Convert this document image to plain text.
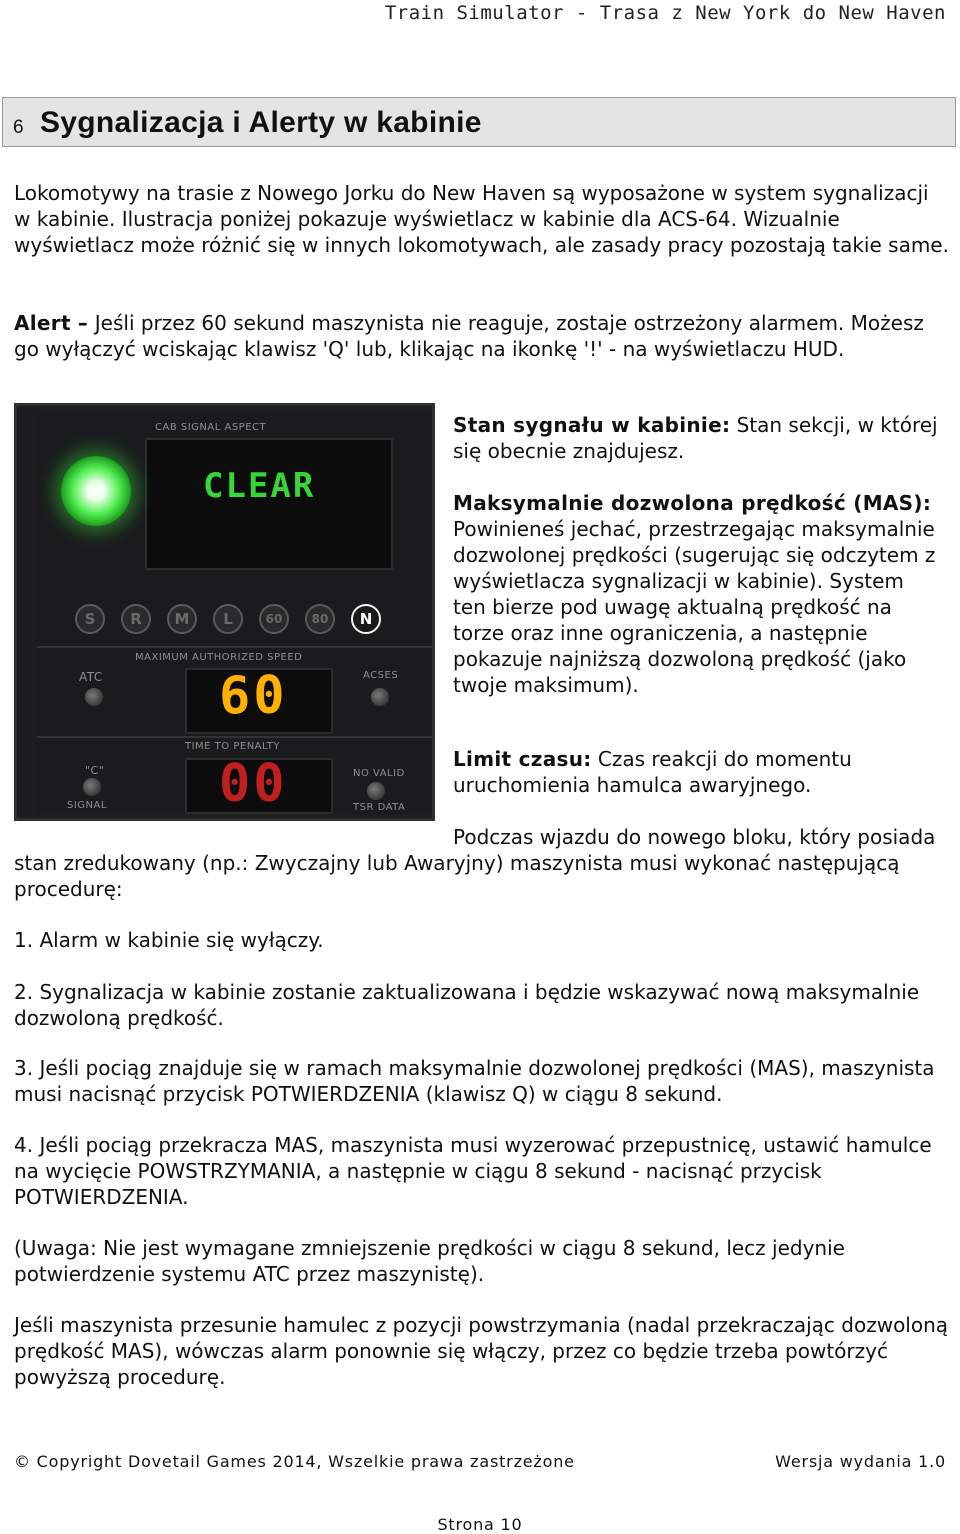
Train Simulator - Trasa z New York do New Haven
6 Sygnalizacja i Alerty w kabinie

Lokomotywy na trasie z Nowego Jorku do New Haven są wyposażone w system sygnalizacji w kabinie. Ilustracja poniżej pokazuje wyświetlacz w kabinie dla ACS-64. Wizualnie wyświetlacz może różnić się w innych lokomotywach, ale zasady pracy pozostają takie same.

Alert – Jeśli przez 60 sekund maszynista nie reaguje, zostaje ostrzeżony alarmem. Możesz go wyłączyć wciskając klawisz 'Q' lub, klikając na ikonkę '!' - na wyświetlaczu HUD.

CAB SIGNAL ASPECT
CLEAR
S	R	M	L	60	80	N
MAXIMUM AUTHORIZED SPEED
ATC	ACSES
60
TIME TO PENALTY
"C"
SIGNAL 00	NO VALID
TSR DATA
Stan sygnału w kabinie: Stan sekcji, w której się obecnie znajdujesz.
Maksymalnie dozwolona prędkość (MAS): Powinieneś jechać, przestrzegając maksymalnie dozwolonej prędkości (sugerując się odczytem z wyświetlacza sygnalizacji w kabinie). System ten bierze pod uwagę aktualną prędkość na torze oraz inne ograniczenia, a następnie pokazuje najniższą dozwoloną prędkość (jako twoje maksimum).
Limit czasu: Czas reakcji do momentu uruchomienia hamulca awaryjnego.

Podczas wjazdu do nowego bloku, który posiada stan zredukowany (np.: Zwyczajny lub Awaryjny) maszynista musi wykonać następującą procedurę:

1. Alarm w kabinie się wyłączy.

2. Sygnalizacja w kabinie zostanie zaktualizowana i będzie wskazywać nową maksymalnie dozwoloną prędkość.

3. Jeśli pociąg znajduje się w ramach maksymalnie dozwolonej prędkości (MAS), maszynista musi nacisnąć przycisk POTWIERDZENIA (klawisz Q) w ciągu 8 sekund.

4. Jeśli pociąg przekracza MAS, maszynista musi wyzerować przepustnicę, ustawić hamulce na wycięcie POWSTRZYMANIA, a następnie w ciągu 8 sekund - nacisnąć przycisk POTWIERDZENIA.

(Uwaga: Nie jest wymagane zmniejszenie prędkości w ciągu 8 sekund, lecz jedynie potwierdzenie systemu ATC przez maszynistę).

Jeśli maszynista przesunie hamulec z pozycji powstrzymania (nadal przekraczając dozwoloną prędkość MAS), wówczas alarm ponownie się włączy, przez co będzie trzeba powtórzyć powyższą procedurę.

© Copyright Dovetail Games 2014, Wszelkie prawa zastrzeżone	Wersja wydania 1.0
Strona 10
